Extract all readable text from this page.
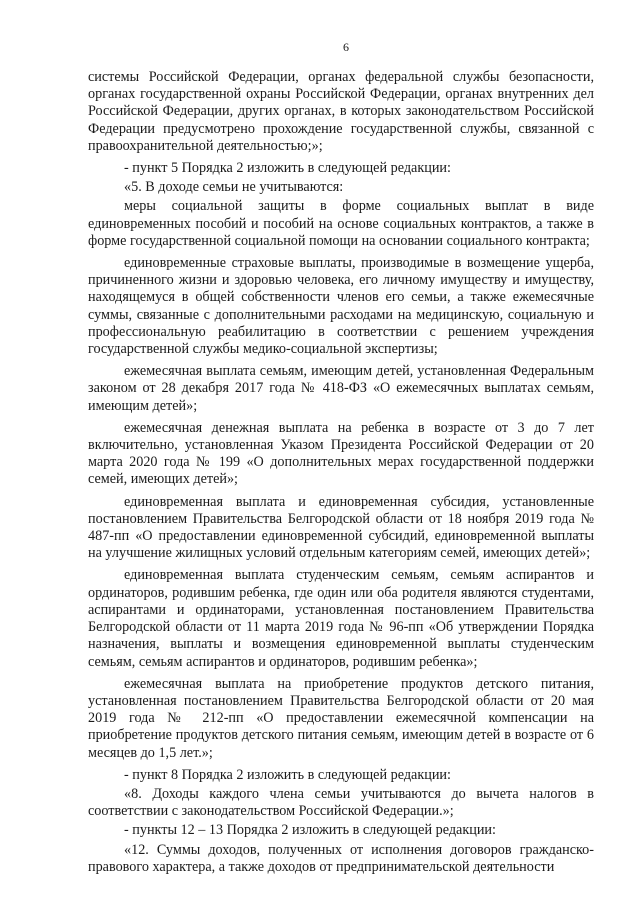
6

системы Российской Федерации, органах федеральной службы безопасности, органах государственной охраны Российской Федерации, органах внутренних дел Российской Федерации, других органах, в которых законодательством Российской Федерации предусмотрено прохождение государственной службы, связанной с правоохранительной деятельностью;»;

- пункт 5 Порядка 2 изложить в следующей редакции:

«5. В доходе семьи не учитываются:

меры социальной защиты в форме социальных выплат в виде единовременных пособий и пособий на основе социальных контрактов, а также в форме государственной социальной помощи на основании социального контракта;

единовременные страховые выплаты, производимые в возмещение ущерба, причиненного жизни и здоровью человека, его личному имуществу и имуществу, находящемуся в общей собственности членов его семьи, а также ежемесячные суммы, связанные с дополнительными расходами на медицинскую, социальную и профессиональную реабилитацию в соответствии с решением учреждения государственной службы медико-социальной экспертизы;

ежемесячная выплата семьям, имеющим детей, установленная Федеральным законом от 28 декабря 2017 года № 418-ФЗ «О ежемесячных выплатах семьям, имеющим детей»;

ежемесячная денежная выплата на ребенка в возрасте от 3 до 7 лет включительно, установленная Указом Президента Российской Федерации от 20 марта 2020 года № 199 «О дополнительных мерах государственной поддержки семей, имеющих детей»;

единовременная выплата и единовременная субсидия, установленные постановлением Правительства Белгородской области от 18 ноября 2019 года № 487-пп «О предоставлении единовременной субсидий, единовременной выплаты на улучшение жилищных условий отдельным категориям семей, имеющих детей»;

единовременная выплата студенческим семьям, семьям аспирантов и ординаторов, родившим ребенка, где один или оба родителя являются студентами, аспирантами и ординаторами, установленная постановлением Правительства Белгородской области от 11 марта 2019 года № 96-пп «Об утверждении Порядка назначения, выплаты и возмещения единовременной выплаты студенческим семьям, семьям аспирантов и ординаторов, родившим ребенка»;

ежемесячная выплата на приобретение продуктов детского питания, установленная постановлением Правительства Белгородской области от 20 мая 2019 года № 212-пп «О предоставлении ежемесячной компенсации на приобретение продуктов детского питания семьям, имеющим детей в возрасте от 6 месяцев до 1,5 лет.»;

- пункт 8 Порядка 2 изложить в следующей редакции:

«8. Доходы каждого члена семьи учитываются до вычета налогов в соответствии с законодательством Российской Федерации.»;

- пункты 12 – 13 Порядка 2 изложить в следующей редакции:

«12. Суммы доходов, полученных от исполнения договоров гражданско-правового характера, а также доходов от предпринимательской деятельности
